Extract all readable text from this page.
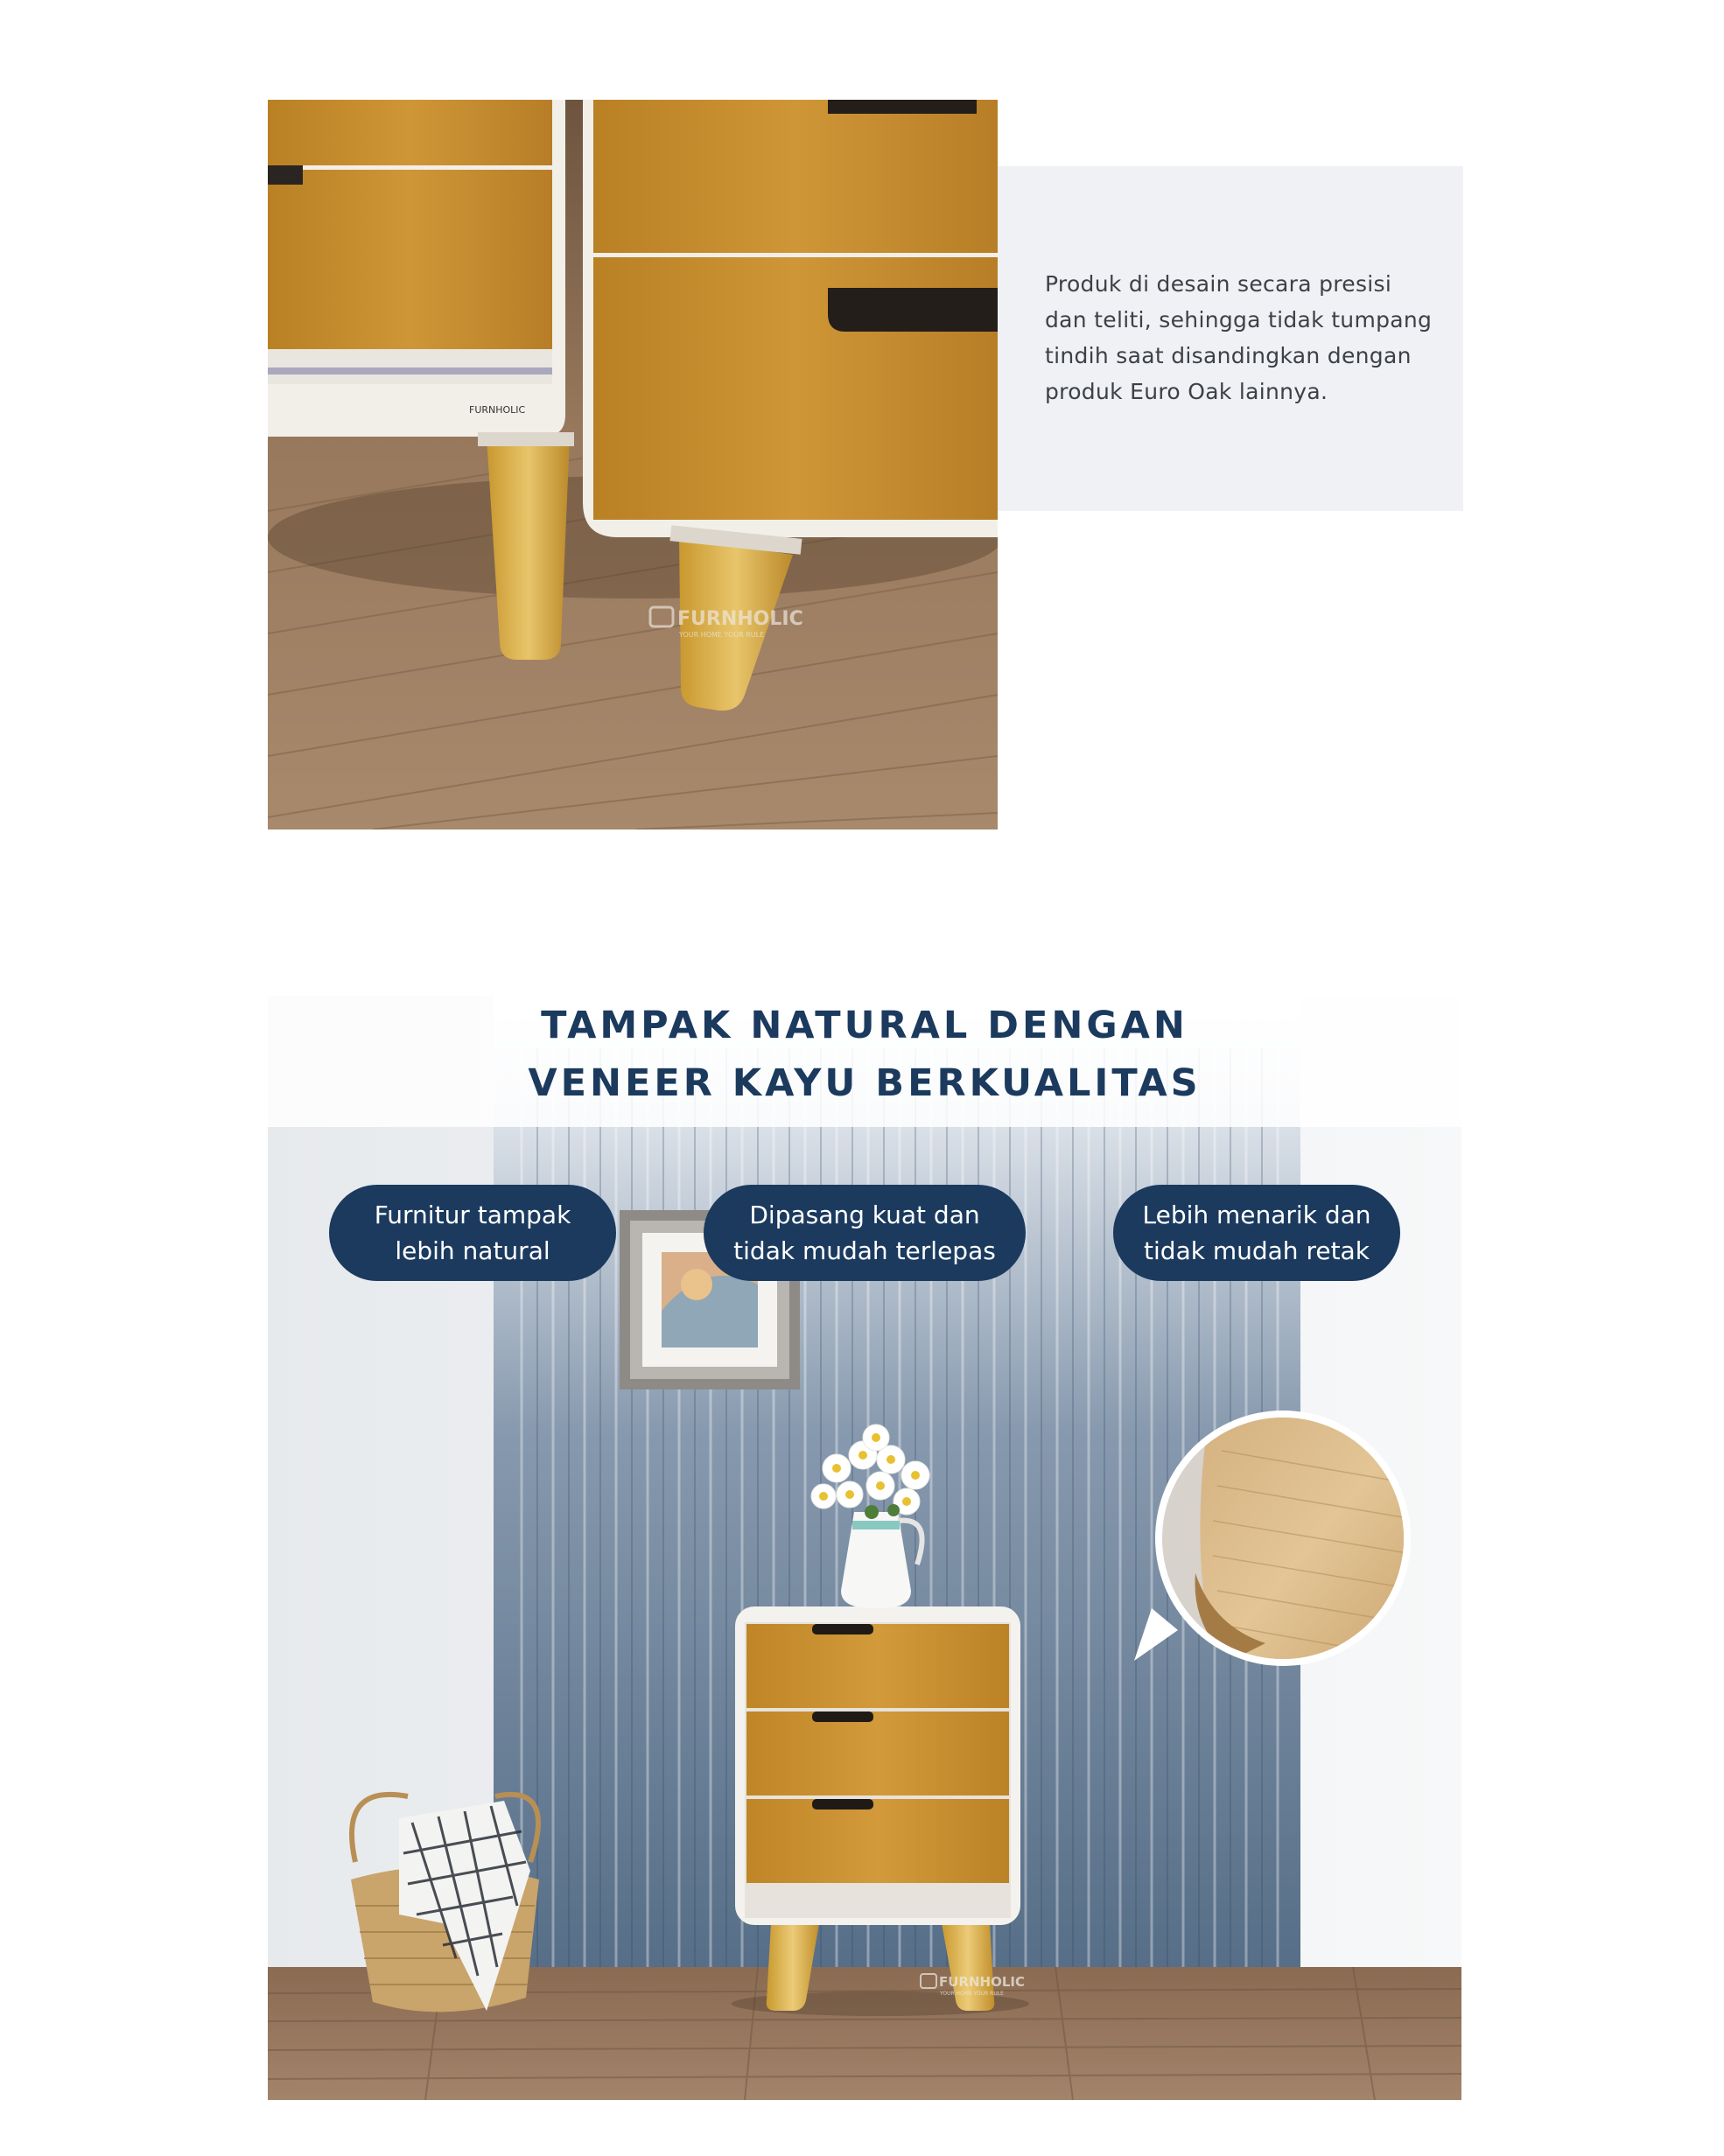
FURNHOLIC
FURNHOLIC
YOUR HOME YOUR RULE

Produk di desain secara presisi dan teliti, sehingga tidak tumpang tindih saat disandingkan dengan produk Euro Oak lainnya.

FURNHOLIC
YOUR HOME YOUR RULE

TAMPAK NATURAL DENGAN

VENEER KAYU BERKUALITAS

Furnitur tampak lebih natural
Dipasang kuat dan tidak mudah terlepas
Lebih menarik dan tidak mudah retak
